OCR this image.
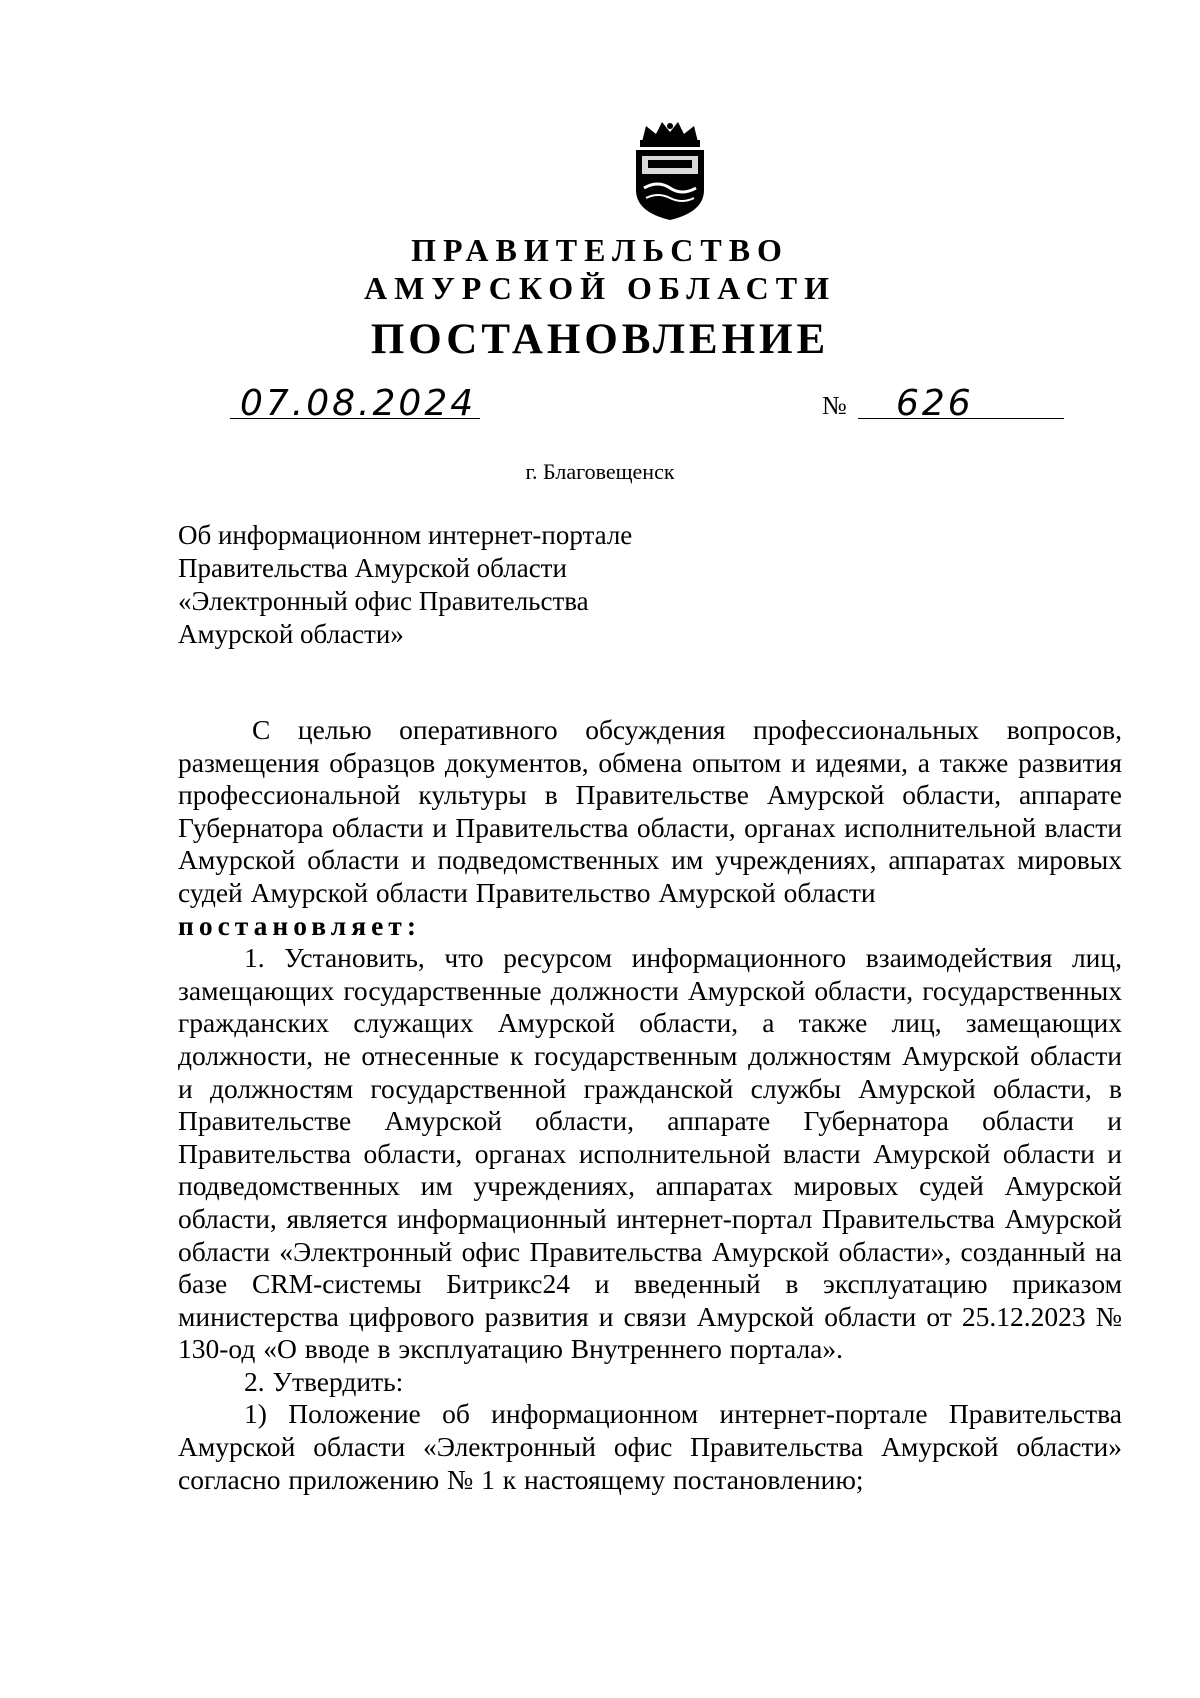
ПРАВИТЕЛЬСТВО
АМУРСКОЙ ОБЛАСТИ
ПОСТАНОВЛЕНИЕ
07.08.2024	№ 626
г. Благовещенск
Об информационном интернет-портале
Правительства Амурской области
«Электронный офис Правительства
Амурской области»

С целью оперативного обсуждения профессиональных вопросов, размещения образцов документов, обмена опытом и идеями, а также развития профессиональной культуры в Правительстве Амурской области, аппарате Губернатора области и Правительства области, органах исполнительной власти Амурской области и подведомственных им учреждениях, аппаратах мировых судей Амурской области Правительство Амурской области

постановляет:

1. Установить, что ресурсом информационного взаимодействия лиц, замещающих государственные должности Амурской области, государственных гражданских служащих Амурской области, а также лиц, замещающих должности, не отнесенные к государственным должностям Амурской области и должностям государственной гражданской службы Амурской области, в Правительстве Амурской области, аппарате Губернатора области и Правительства области, органах исполнительной власти Амурской области и подведомственных им учреждениях, аппаратах мировых судей Амурской области, является информационный интернет-портал Правительства Амурской области «Электронный офис Правительства Амурской области», созданный на базе CRM-системы Битрикс24 и введенный в эксплуатацию приказом министерства цифрового развития и связи Амурской области от 25.12.2023 № 130-од «О вводе в эксплуатацию Внутреннего портала».

2. Утвердить:

1) Положение об информационном интернет-портале Правительства Амурской области «Электронный офис Правительства Амурской области» согласно приложению № 1 к настоящему постановлению;
